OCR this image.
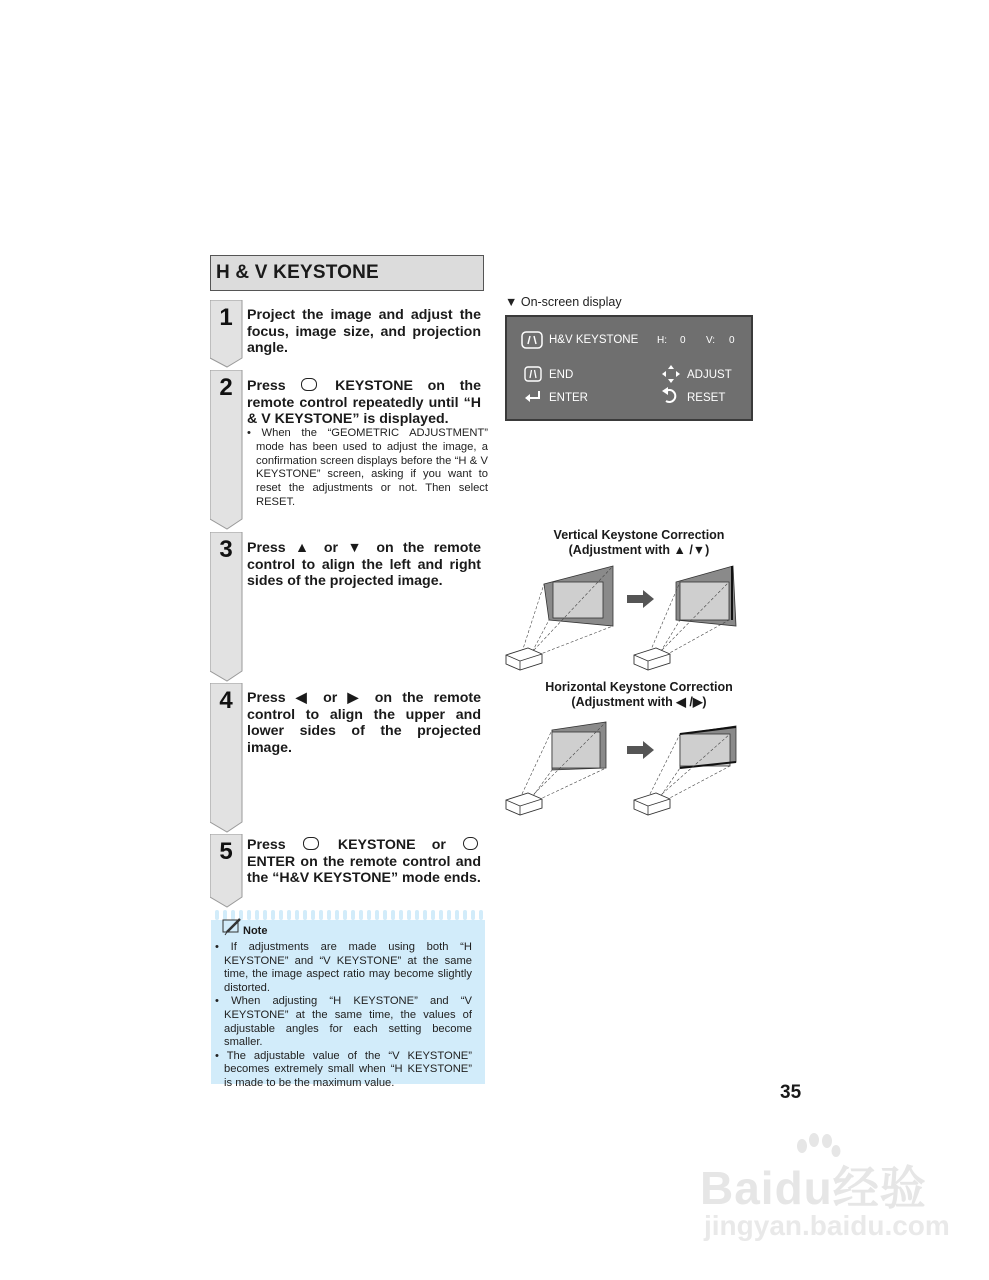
H & V KEYSTONE
1
2
3
4
5
Project the image and adjust the focus, image size, and projection angle.
Press	KEYSTONE on the remote control repeatedly until “H & V KEYSTONE” is displayed.
• When the “GEOMETRIC ADJUSTMENT” mode has been used to adjust the image, a confirmation screen displays before the “H & V KEYSTONE” screen, asking if you want to reset the adjustments or not. Then select RESET.
Press ▲ or ▼ on the remote control to align the left and right sides of the projected image.
Press ◀ or ▶ on the remote control to align the upper and lower sides of the projected image.
Press	KEYSTONE or  ENTER on the remote control and the “H&V KEYSTONE” mode ends.
▼ On-screen display
H&V KEYSTONE H: 0 V: 0
END
ENTER
ADJUST
RESET
Vertical Keystone Correction
(Adjustment with ▲ /▼)
Horizontal Keystone Correction
(Adjustment with ◀ /▶)
Note
• If adjustments are made using both “H KEYSTONE” and “V KEYSTONE” at the same time, the image aspect ratio may become slightly distorted.
• When adjusting “H KEYSTONE” and “V KEYSTONE” at the same time, the values of adjustable angles for each setting become smaller.
• The adjustable value of the “V KEYSTONE” becomes extremely small when “H KEYSTONE” is made to be the maximum value.	35
Baidu经验
jingyan.baidu.com
